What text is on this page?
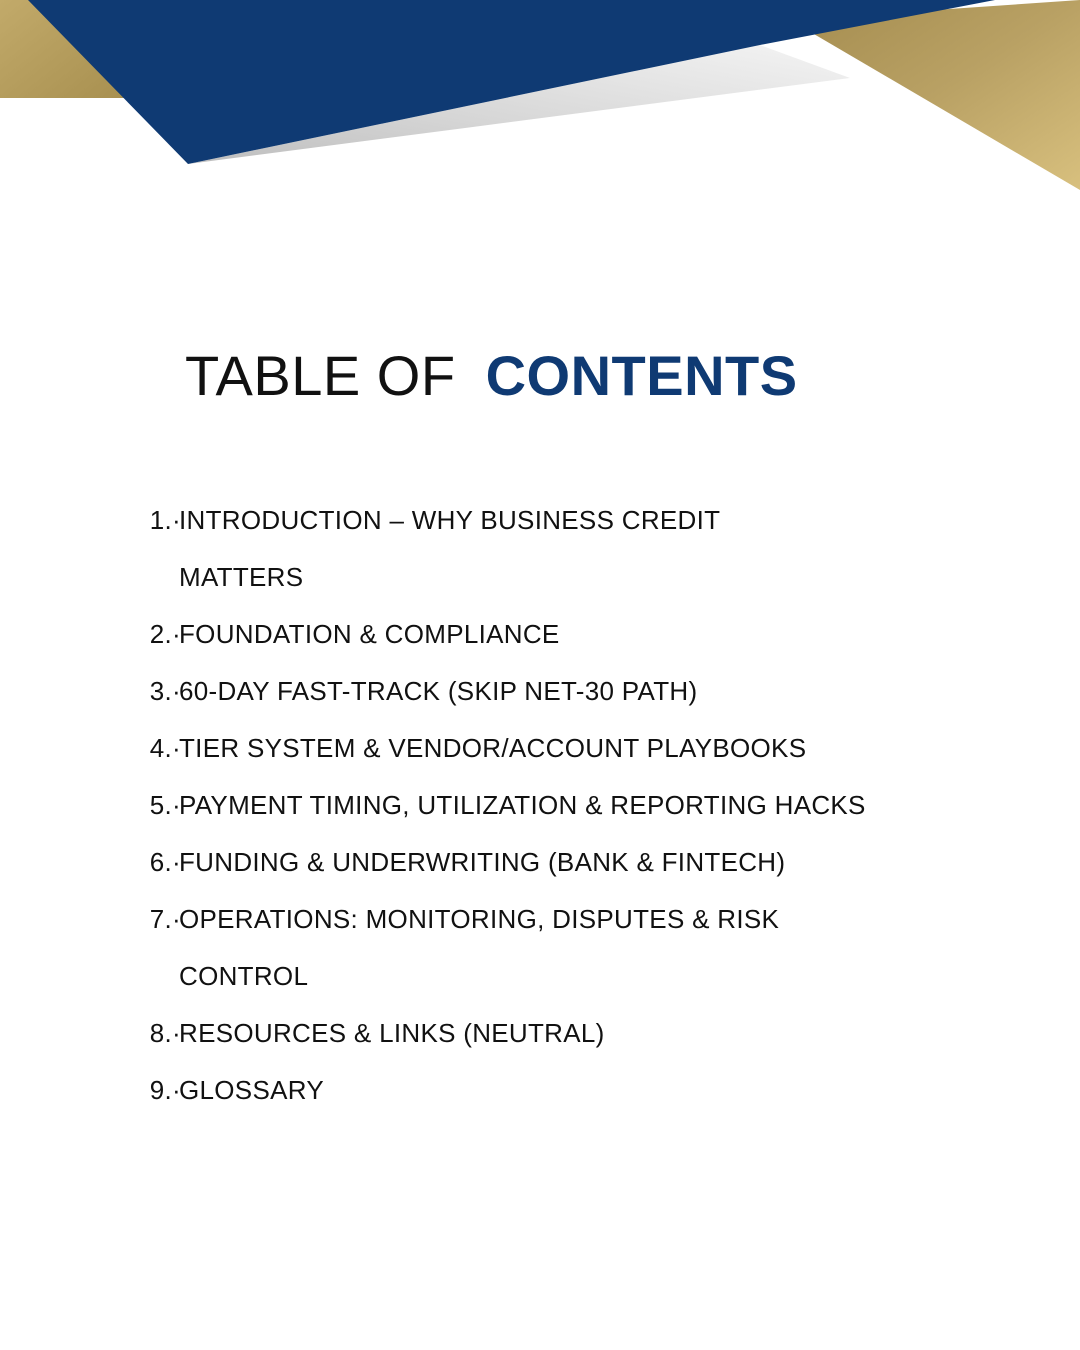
TABLE OF CONTENTS
1. ·
INTRODUCTION – WHY BUSINESS CREDIT MATTERS
2. ·
FOUNDATION & COMPLIANCE
3. ·
60-DAY FAST-TRACK (SKIP NET-30 PATH)
4. ·
TIER SYSTEM & VENDOR/ACCOUNT PLAYBOOKS
5. ·
PAYMENT TIMING, UTILIZATION & REPORTING HACKS
6. ·
FUNDING & UNDERWRITING (BANK & FINTECH)
7. ·
OPERATIONS: MONITORING, DISPUTES & RISK CONTROL
8. ·
RESOURCES & LINKS (NEUTRAL)
9. ·
GLOSSARY
